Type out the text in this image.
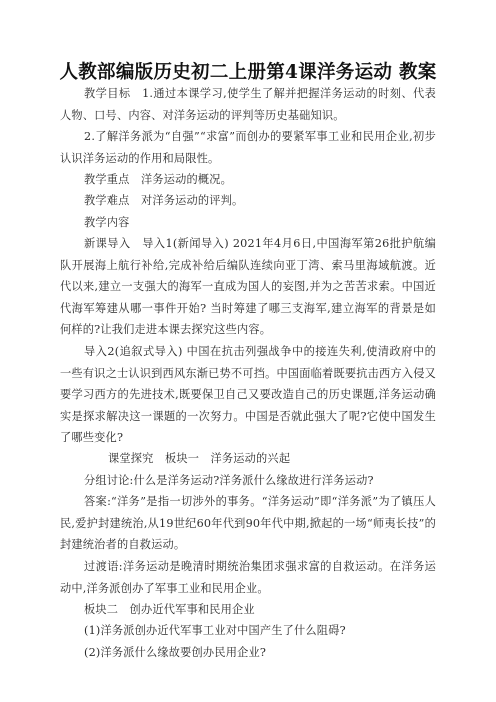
人教部编版历史初二上册第4课洋务运动 教案

教学目标　1.通过本课学习,使学生了解并把握洋务运动的时刻、代表人物、口号、内容、对洋务运动的评判等历史基础知识。

2.了解洋务派为“自强”“求富”而创办的要紧军事工业和民用企业,初步认识洋务运动的作用和局限性。

教学重点　洋务运动的概况。

教学难点　对洋务运动的评判。

教学内容

新课导入　导入1(新闻导入) 2021年4月6日,中国海军第26批护航编队开展海上航行补给,完成补给后编队连续向亚丁湾、索马里海域航渡。近代以来,建立一支强大的海军一直成为国人的妄图,并为之苦苦求索。中国近代海军筹建从哪一事件开始? 当时筹建了哪三支海军,建立海军的背景是如何样的?让我们走进本课去探究这些内容。

导入2(追叙式导入) 中国在抗击列强战争中的接连失利,使清政府中的一些有识之士认识到西风东渐已势不可挡。中国面临着既要抗击西方入侵又要学习西方的先进技术,既要保卫自己又要改造自己的历史课题,洋务运动确实是探求解决这一课题的一次努力。中国是否就此强大了呢?它使中国发生了哪些变化?

课堂探究　板块一　洋务运动的兴起

分组讨论:什么是洋务运动?洋务派什么缘故进行洋务运动?

答案:“洋务”是指一切涉外的事务。“洋务运动”即“洋务派”为了镇压人民,爱护封建统治,从19世纪60年代到90年代中期,掀起的一场“师夷长技”的封建统治者的自救运动。

过渡语:洋务运动是晚清时期统治集团求强求富的自救运动。在洋务运动中,洋务派创办了军事工业和民用企业。

板块二　创办近代军事和民用企业

(1)洋务派创办近代军事工业对中国产生了什么阻碍?

(2)洋务派什么缘故要创办民用企业?
